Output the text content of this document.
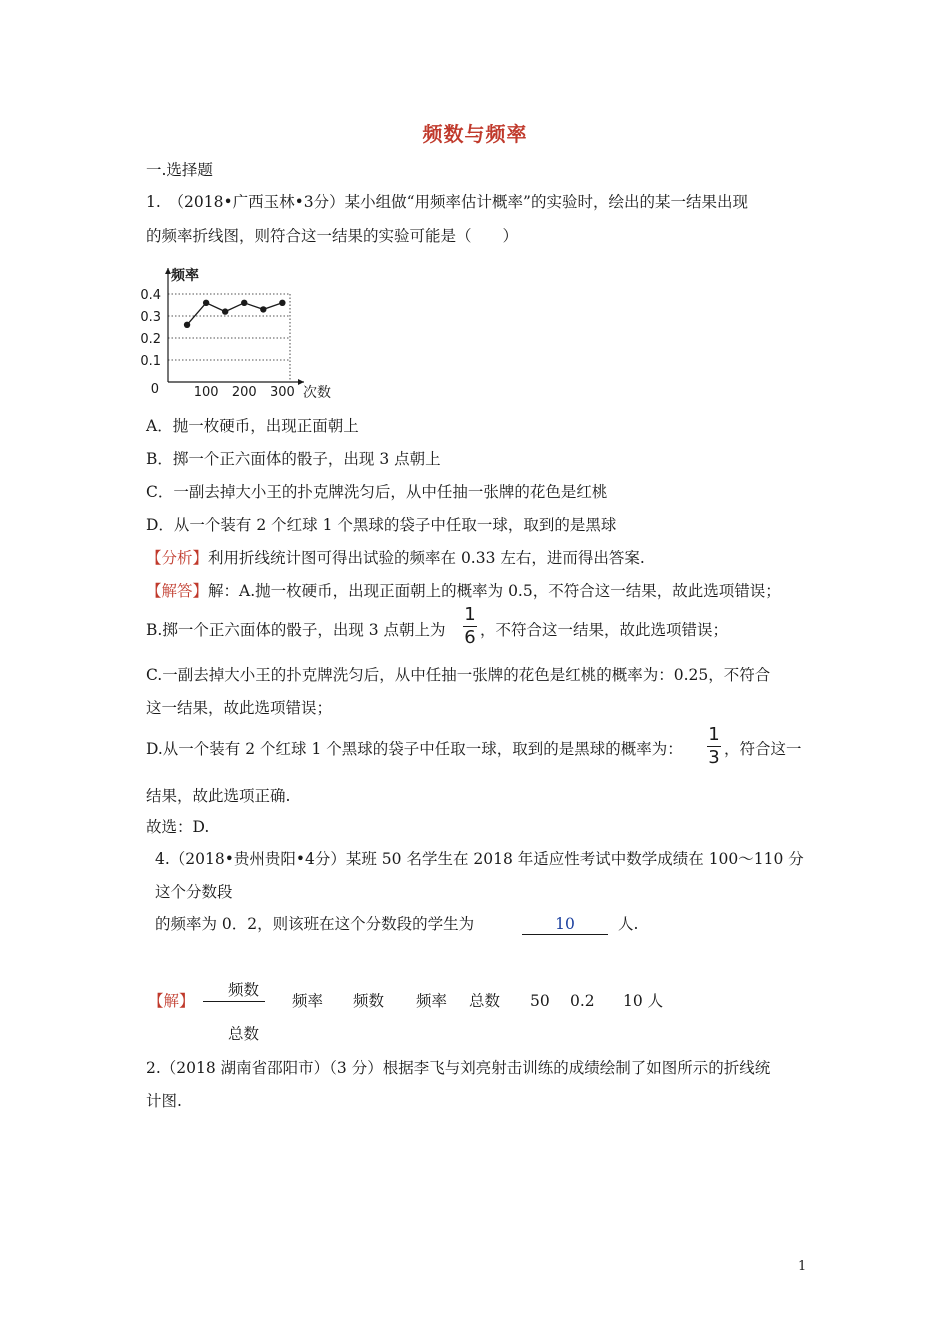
频数与频率
一.选择题
1.　（2018•广西玉林•3分）某小组做“用频率估计概率”的实验时，绘出的某一结果出现
的频率折线图，则符合这一结果的实验可能是（　　）
0.4
0.3
0.2
0.1
0	100 200 300
频率
次数
A．抛一枚硬币，出现正面朝上
B．掷一个正六面体的骰子，出现 3 点朝上
C．一副去掉大小王的扑克牌洗匀后，从中任抽一张牌的花色是红桃
D．从一个装有 2 个红球 1 个黑球的袋子中任取一球，取到的是黑球
【分析】利用折线统计图可得出试验的频率在 0.33 左右，进而得出答案.
【解答】解：A.抛一枚硬币，出现正面朝上的概率为 0.5，不符合这一结果，故此选项错误；
B.掷一个正六面体的骰子，出现 3 点朝上为
1
6 ，不符合这一结果，故此选项错误；
C.一副去掉大小王的扑克牌洗匀后，从中任抽一张牌的花色是红桃的概率为：0.25，不符合
这一结果，故此选项错误；
D.从一个装有 2 个红球 1 个黑球的袋子中任取一球，取到的是黑球的概率为：
1
3 ，符合这一
结果，故此选项正确.
故选：D.
4.（2018•贵州贵阳•4分）某班 50 名学生在 2018 年适应性考试中数学成绩在 100～110 分
这个分数段
的频率为 0．2，则该班在这个分数段的学生为	10	人.
【解】
频数
总数
频率 频数 频率 总数 50 0.2 10 人
2.（2018 湖南省邵阳市）（3 分）根据李飞与刘亮射击训练的成绩绘制了如图所示的折线统
计图.
1
